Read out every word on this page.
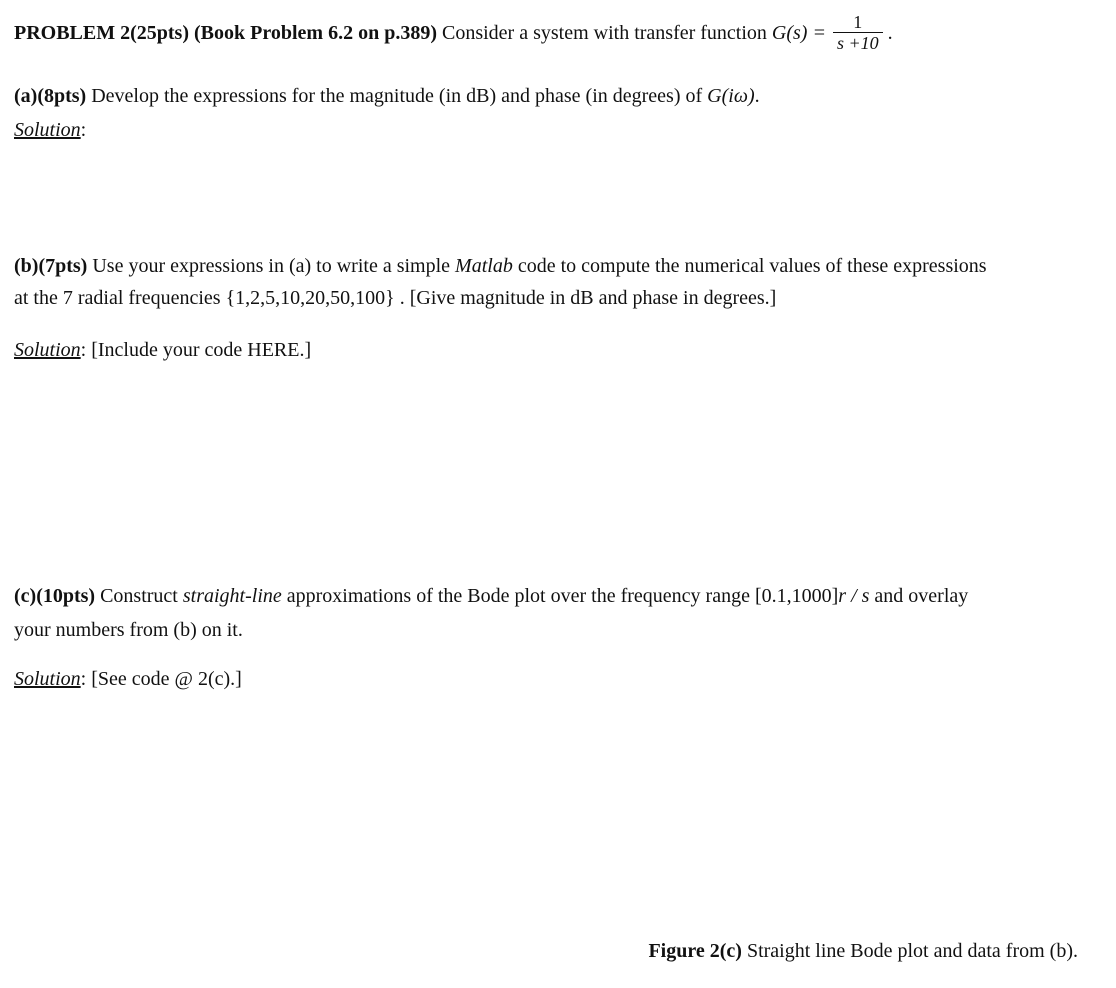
PROBLEM 2(25pts) (Book Problem 6.2 on p.389) Consider a system with transfer function $G(s) = \frac{1}{s +10}$ .
(a)(8pts) Develop the expressions for the magnitude (in dB) and phase (in degrees) of G(iω).
Solution:
(b)(7pts) Use your expressions in (a) to write a simple Matlab code to compute the numerical values of these expressions
at the 7 radial frequencies {1,2,5,10,20,50,100} . [Give magnitude in dB and phase in degrees.]
Solution: [Include your code HERE.]
(c)(10pts) Construct straight-line approximations of the Bode plot over the frequency range [0.1,1000]r / s and overlay
your numbers from (b) on it.
Solution: [See code @ 2(c).]
Figure 2(c) Straight line Bode plot and data from (b).
